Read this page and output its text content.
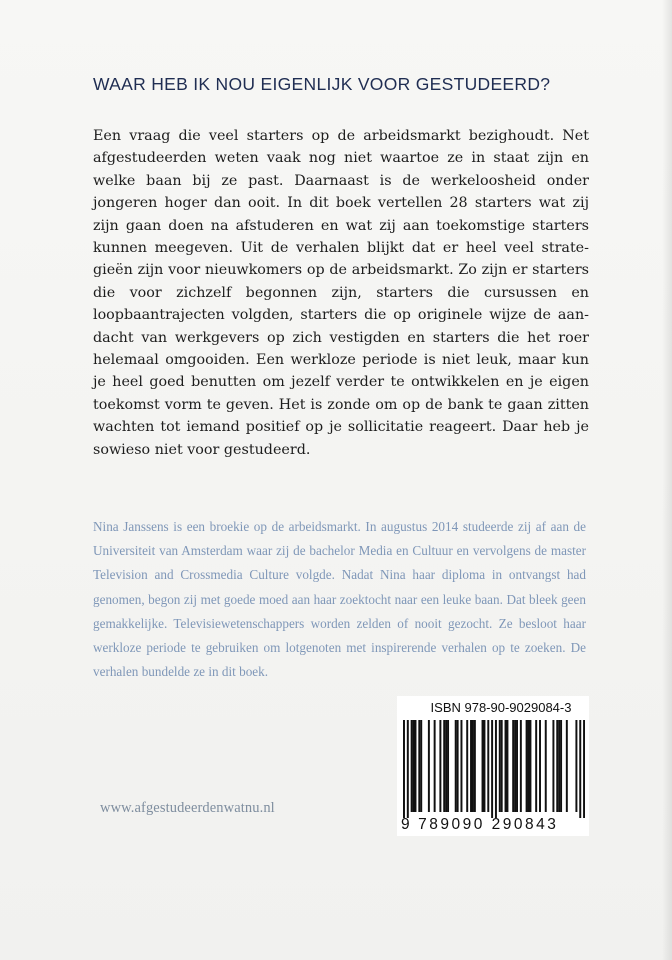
WAAR HEB IK NOU EIGENLIJK VOOR GESTUDEERD?

Een vraag die veel starters op de arbeidsmarkt bezighoudt. Net afgestudeerden weten vaak nog niet waartoe ze in staat zijn en welke baan bij ze past. Daarnaast is de werkeloosheid onder jongeren hoger dan ooit. In dit boek vertellen 28 starters wat zij zijn gaan doen na afstuderen en wat zij aan toekomstige starters kunnen meegeven. Uit de verhalen blijkt dat er heel veel strategieën zijn voor nieuwkomers op de arbeidsmarkt. Zo zijn er starters die voor zichzelf begonnen zijn, starters die cursussen en loopbaantrajecten volgden, starters die op originele wijze de aandacht van werkgevers op zich vestigden en starters die het roer helemaal omgooiden. Een werkloze periode is niet leuk, maar kun je heel goed benutten om jezelf verder te ontwikkelen en je eigen toekomst vorm te geven. Het is zonde om op de bank te gaan zitten wachten tot iemand positief op je sollicitatie reageert. Daar heb je sowieso niet voor gestudeerd.

Nina Janssens is een broekie op de arbeidsmarkt. In augustus 2014 studeerde zij af aan de Universiteit van Amsterdam waar zij de bachelor Media en Cultuur en vervolgens de master Television and Crossmedia Culture volgde. Nadat Nina haar diploma in ontvangst had genomen, begon zij met goede moed aan haar zoektocht naar een leuke baan. Dat bleek geen gemakkelijke. Televisiewetenschappers worden zelden of nooit gezocht. Ze besloot haar werkloze periode te gebruiken om lotgenoten met inspirerende verhalen op te zoeken. De verhalen bundelde ze in dit boek.

www.afgestudeerdenwatnu.nl
ISBN 978-90-9029084-3
9 789090 290843
